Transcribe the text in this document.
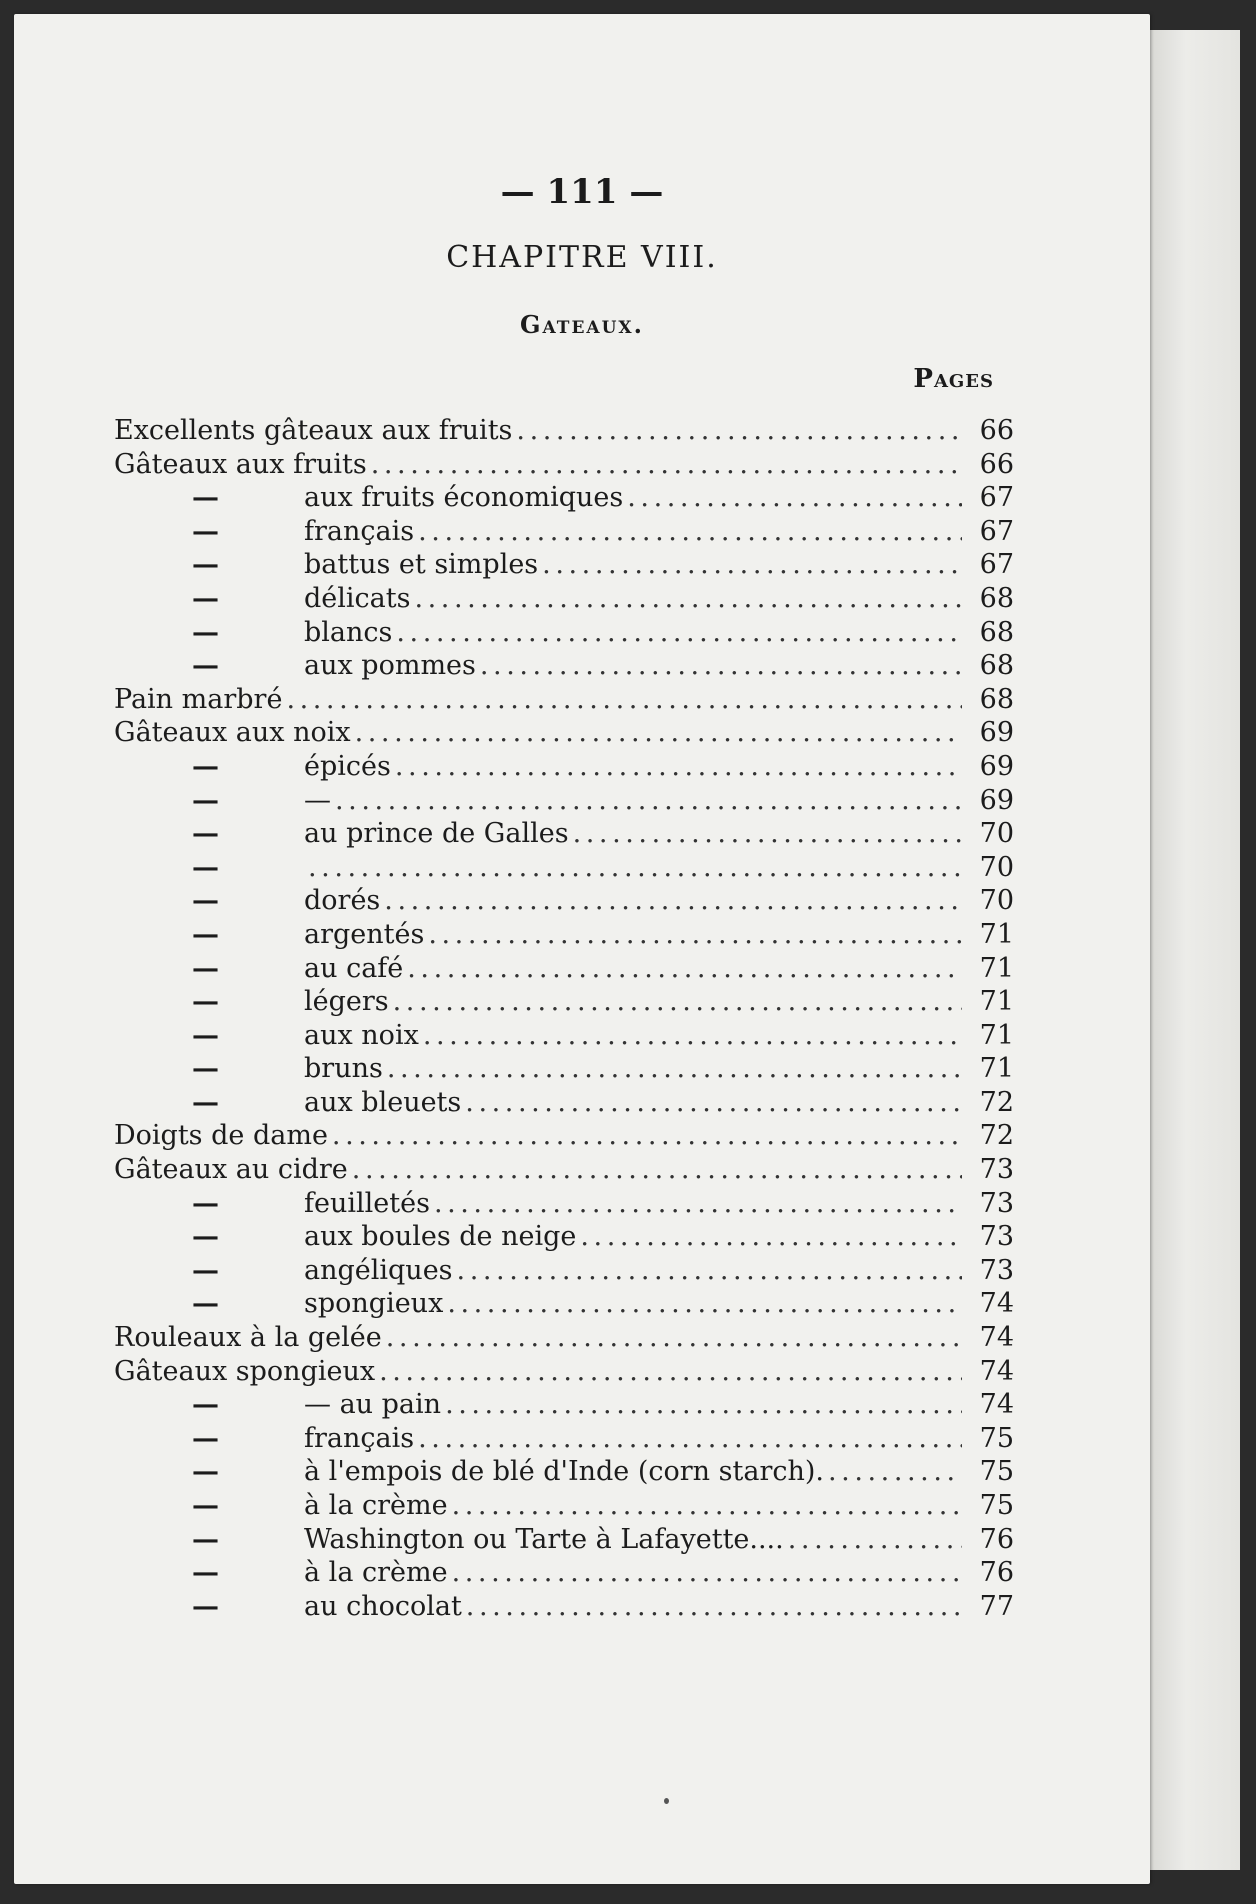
— 111 —
CHAPITRE VIII.
Gateaux.
Pages
Excellents gâteaux aux fruits . . .	66
Gâteaux aux fruits . . .	66
—	aux fruits économiques . . .	67
—	français . . .	67
—	battus et simples . . .	67
—	délicats . . .	68
—	blancs . . .	68
—	aux pommes . . .	68
Pain marbré . . .	68
Gâteaux aux noix . . .	69
—	épicés . . .	69
—	— . . .	69
—	au prince de Galles . . .	70
— . . .	70
—	dorés . . .	70
—	argentés . . .	71
—	au café . . .	71
—	légers . . .	71
—	aux noix . . .	71
—	bruns . . .	71
—	aux bleuets . . .	72
Doigts de dame . . .	72
Gâteaux au cidre . . .	73
—	feuilletés . . .	73
—	aux boules de neige . . .	73
—	angéliques . . .	73
—	spongieux . . .	74
Rouleaux à la gelée . . .	74
Gâteaux spongieux . . .	74
—	— au pain . . .	74
—	français . . .	75
—	à l'empois de blé d'Inde (corn starch). . . .	75
—	à la crème . . .	75
—	Washington ou Tarte à Lafayette.... . . .	76
—	à la crème . . .	76
—	au chocolat . . .	77
